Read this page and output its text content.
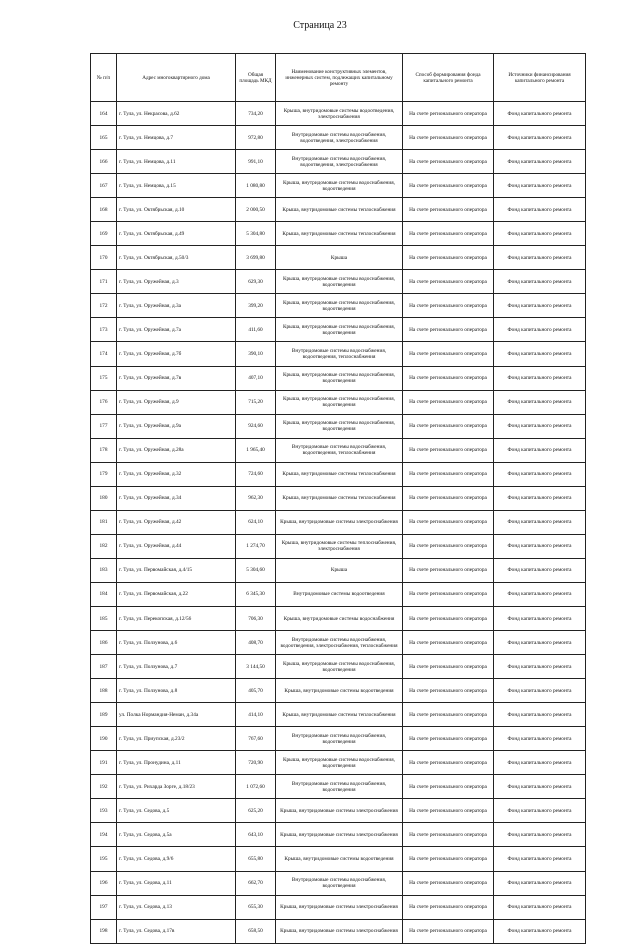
Страница 23
№ п/п	Адрес многоквартирного дома	Общая площадь МКД	Наименование конструктивных элементов, инженерных систем, подлежащих капитальному ремонту	Способ формирования фонда капитального ремонта	Источники финансирования капитального ремонта
164	г. Тула, ул. Некрасова, д.62	734,20	Крыша, внутридомовые системы водоотведения, электроснабжения	На счете регионального оператора	Фонд капитального ремонта
165	г. Тула, ул. Немцова, д.7	972,80	Внутридомовые системы водоснабжения, водоотведения, электроснабжения	На счете регионального оператора	Фонд капитального ремонта
166	г. Тула, ул. Немцова, д.11	991,10	Внутридомовые системы водоснабжения, водоотведения, электроснабжения	На счете регионального оператора	Фонд капитального ремонта
167	г. Тула, ул. Немцова, д.15	1 080,80	Крыша, внутридомовые системы водоснабжения, водоотведения	На счете регионального оператора	Фонд капитального ремонта
168	г. Тула, ул. Октябрьская, д.10	2 000,50	Крыша, внутридомовые системы теплоснабжения	На счете регионального оператора	Фонд капитального ремонта
169	г. Тула, ул. Октябрьская, д.49	5 304,80	Крыша, внутридомовые системы теплоснабжения	На счете регионального оператора	Фонд капитального ремонта
170	г. Тула, ул. Октябрьская, д.50/3	3 699,80	Крыша	На счете регионального оператора	Фонд капитального ремонта
171	г. Тула, ул. Оружейная, д.3	629,30	Крыша, внутридомовые системы водоснабжения, водоотведения	На счете регионального оператора	Фонд капитального ремонта
172	г. Тула, ул. Оружейная, д.3а	399,20	Крыша, внутридомовые системы водоснабжения, водоотведения	На счете регионального оператора	Фонд капитального ремонта
173	г. Тула, ул. Оружейная, д.7а	411,60	Крыша, внутридомовые системы водоснабжения, водоотведения	На счете регионального оператора	Фонд капитального ремонта
174	г. Тула, ул. Оружейная, д.7б	390,10	Внутридомовые системы водоснабжения, водоотведения, теплоснабжения	На счете регионального оператора	Фонд капитального ремонта
175	г. Тула, ул. Оружейная, д.7в	407,10	Крыша, внутридомовые системы водоснабжения, водоотведения	На счете регионального оператора	Фонд капитального ремонта
176	г. Тула, ул. Оружейная, д.9	715,20	Крыша, внутридомовые системы водоснабжения, водоотведения	На счете регионального оператора	Фонд капитального ремонта
177	г. Тула, ул. Оружейная, д.9а	924,60	Крыша, внутридомовые системы водоснабжения, водоотведения	На счете регионального оператора	Фонд капитального ремонта
178	г. Тула, ул. Оружейная, д.28а	1 965,40	Внутридомовые системы водоснабжения, водоотведения, теплоснабжения	На счете регионального оператора	Фонд капитального ремонта
179	г. Тула, ул. Оружейная, д.32	724,60	Крыша, внутридомовые системы теплоснабжения	На счете регионального оператора	Фонд капитального ремонта
180	г. Тула, ул. Оружейная, д.34	962,30	Крыша, внутридомовые системы теплоснабжения	На счете регионального оператора	Фонд капитального ремонта
181	г. Тула, ул. Оружейная, д.42	624,10	Крыша, внутридомовые системы электроснабжения	На счете регионального оператора	Фонд капитального ремонта
182	г. Тула, ул. Оружейная, д.44	1 274,70	Крыша, внутридомовые системы теплоснабжения, электроснабжения	На счете регионального оператора	Фонд капитального ремонта
183	г. Тула, ул. Первомайская, д.4/15	5 304,60	Крыша	На счете регионального оператора	Фонд капитального ремонта
184	г. Тула, ул. Первомайская, д.22	6 345,30	Внутридомовые системы водоотведения	На счете регионального оператора	Фонд капитального ремонта
185	г. Тула, ул. Перекопская, д.12/56	706,30	Крыша, внутридомовые системы водоснабжения	На счете регионального оператора	Фонд капитального ремонта
186	г. Тула, ул. Ползунова, д.6	408,70	Внутридомовые системы водоснабжения, водоотведения, электроснабжения, теплоснабжения	На счете регионального оператора	Фонд капитального ремонта
187	г. Тула, ул. Ползунова, д.7	3 144,50	Крыша, внутридомовые системы водоснабжения, водоотведения	На счете регионального оператора	Фонд капитального ремонта
188	г. Тула, ул. Ползунова, д.8	405,70	Крыша, внутридомовые системы водоотведения	На счете регионального оператора	Фонд капитального ремонта
189	ул. Полка Нормандия-Неман, д.34а	414,10	Крыша, внутридомовые системы теплоснабжения	На счете регионального оператора	Фонд капитального ремонта
190	г. Тула, ул. Приупская, д.23/2	767,60	Внутридомовые системы водоснабжения, водоотведения	На счете регионального оператора	Фонд капитального ремонта
191	г. Тула, ул. Пронудина, д.11	720,90	Крыша, внутридомовые системы водоснабжения, водоотведения	На счете регионального оператора	Фонд капитального ремонта
192	г. Тула, ул. Рихарда Зорге, д.18/23	1 072,60	Внутридомовые системы водоснабжения, водоотведения	На счете регионального оператора	Фонд капитального ремонта
193	г. Тула, ул. Седова, д.5	625,20	Крыша, внутридомовые системы электроснабжения	На счете регионального оператора	Фонд капитального ремонта
194	г. Тула, ул. Седова, д.5а	643,10	Крыша, внутридомовые системы электроснабжения	На счете регионального оператора	Фонд капитального ремонта
195	г. Тула, ул. Седова, д.9/6	655,80	Крыша, внутридомовые системы водоотведения	На счете регионального оператора	Фонд капитального ремонта
196	г. Тула, ул. Седова, д.11	662,70	Внутридомовые системы водоснабжения, водоотведения	На счете регионального оператора	Фонд капитального ремонта
197	г. Тула, ул. Седова, д.13	655,30	Крыша, внутридомовые системы электроснабжения	На счете регионального оператора	Фонд капитального ремонта
198	г. Тула, ул. Седова, д.17в	658,50	Крыша, внутридомовые системы электроснабжения	На счете регионального оператора	Фонд капитального ремонта
